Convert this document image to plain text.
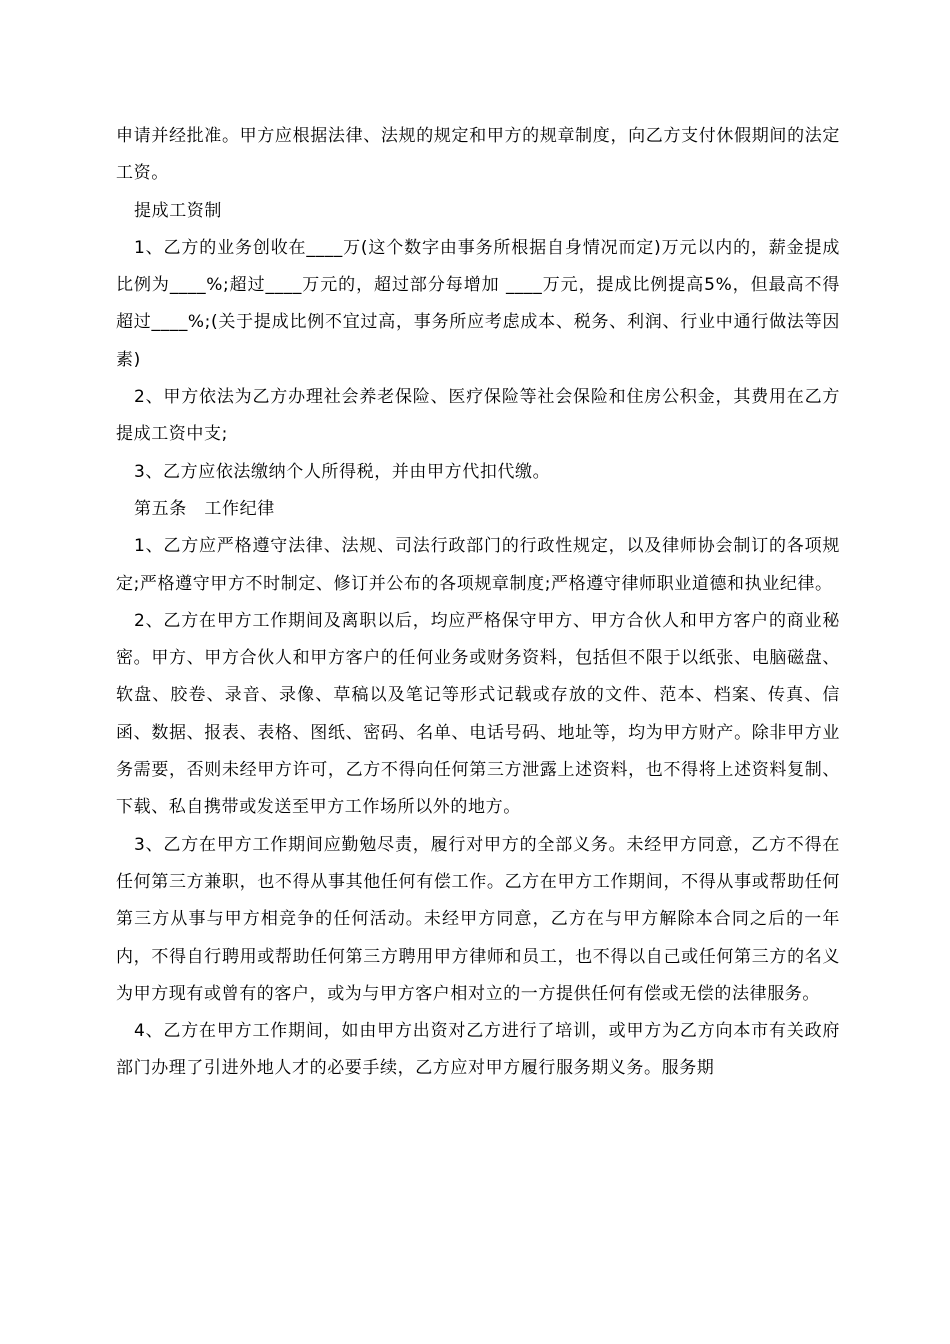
申请并经批准。甲方应根据法律、法规的规定和甲方的规章制度，向乙方支付休假期间的法定工资。

提成工资制

1、乙方的业务创收在____万(这个数字由事务所根据自身情况而定)万元以内的，薪金提成比例为____%;超过____万元的，超过部分每增加 ____万元，提成比例提高5%，但最高不得超过____%;(关于提成比例不宜过高，事务所应考虑成本、税务、利润、行业中通行做法等因素)

2、甲方依法为乙方办理社会养老保险、医疗保险等社会保险和住房公积金，其费用在乙方提成工资中支;

3、乙方应依法缴纳个人所得税，并由甲方代扣代缴。

第五条　工作纪律

1、乙方应严格遵守法律、法规、司法行政部门的行政性规定，以及律师协会制订的各项规定;严格遵守甲方不时制定、修订并公布的各项规章制度;严格遵守律师职业道德和执业纪律。

2、乙方在甲方工作期间及离职以后，均应严格保守甲方、甲方合伙人和甲方客户的商业秘密。甲方、甲方合伙人和甲方客户的任何业务或财务资料，包括但不限于以纸张、电脑磁盘、软盘、胶卷、录音、录像、草稿以及笔记等形式记载或存放的文件、范本、档案、传真、信函、数据、报表、表格、图纸、密码、名单、电话号码、地址等，均为甲方财产。除非甲方业务需要，否则未经甲方许可，乙方不得向任何第三方泄露上述资料，也不得将上述资料复制、下载、私自携带或发送至甲方工作场所以外的地方。

3、乙方在甲方工作期间应勤勉尽责，履行对甲方的全部义务。未经甲方同意，乙方不得在任何第三方兼职，也不得从事其他任何有偿工作。乙方在甲方工作期间，不得从事或帮助任何第三方从事与甲方相竞争的任何活动。未经甲方同意，乙方在与甲方解除本合同之后的一年内，不得自行聘用或帮助任何第三方聘用甲方律师和员工，也不得以自己或任何第三方的名义为甲方现有或曾有的客户，或为与甲方客户相对立的一方提供任何有偿或无偿的法律服务。

4、乙方在甲方工作期间，如由甲方出资对乙方进行了培训，或甲方为乙方向本市有关政府部门办理了引进外地人才的必要手续，乙方应对甲方履行服务期义务。服务期
